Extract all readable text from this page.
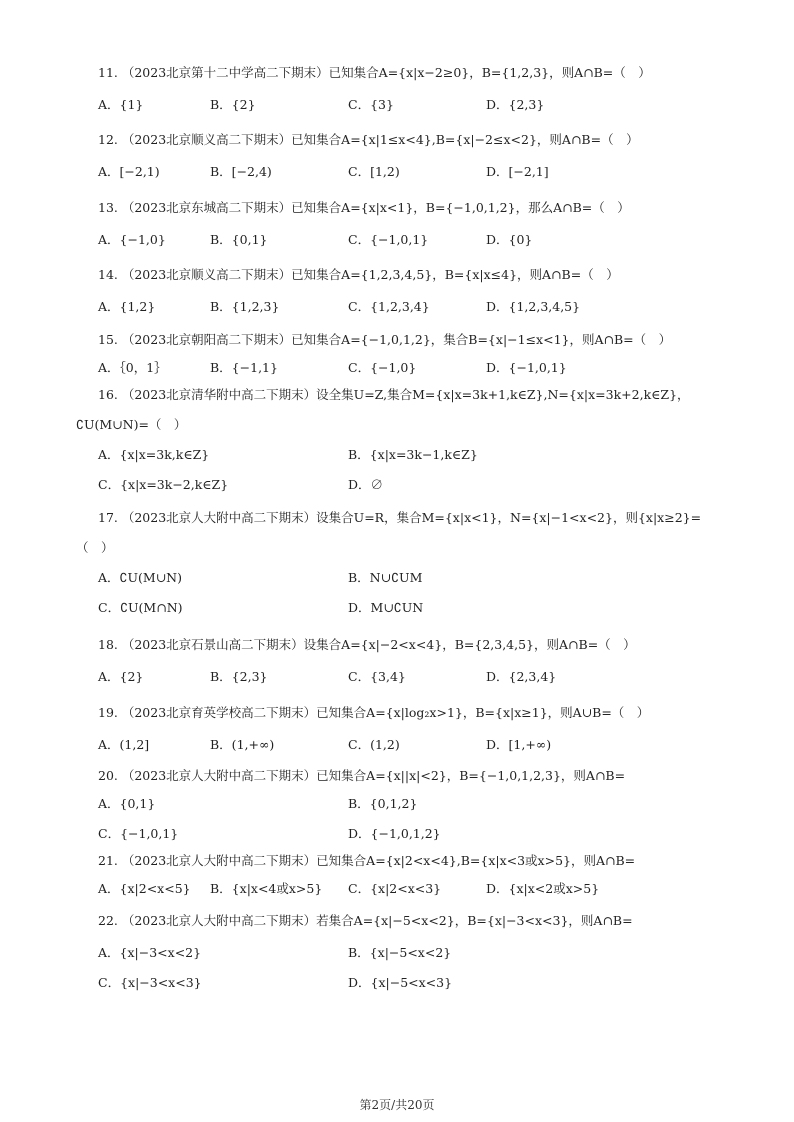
11. （2023北京第十二中学高二下期末）已知集合A={x|x−2≥0}，B={1,2,3}，则A∩B=（　）
A．{1}	B．{2}	C．{3}	D．{2,3}
12. （2023北京顺义高二下期末）已知集合A={x|1≤x<4},B={x|−2≤x<2}，则A∩B=（　）
A．[−2,1)	B．[−2,4)	C．[1,2)	D．[−2,1]
13. （2023北京东城高二下期末）已知集合A={x|x<1}，B={−1,0,1,2}，那么A∩B=（　）
A．{−1,0}	B．{0,1}	C．{−1,0,1}	D．{0}
14. （2023北京顺义高二下期末）已知集合A={1,2,3,4,5}，B={x|x≤4}，则A∩B=（　）
A．{1,2}	B．{1,2,3}	C．{1,2,3,4}	D．{1,2,3,4,5}
15. （2023北京朝阳高二下期末）已知集合A={−1,0,1,2}，集合B={x|−1≤x<1}，则A∩B=（　）
A．｛0，1｝	B．{−1,1}	C．{−1,0}	D．{−1,0,1}
16. （2023北京清华附中高二下期末）设全集U=Z,集合M={x|x=3k+1,k∈Z},N={x|x=3k+2,k∈Z}，
∁U(M∪N)=（　）
A．{x|x=3k,k∈Z}	B．{x|x=3k−1,k∈Z}
C．{x|x=3k−2,k∈Z}	D．∅
17. （2023北京人大附中高二下期末）设集合U=R，集合M={x|x<1}，N={x|−1<x<2}，则{x|x≥2}=
（　）
A．∁U(M∪N)	B．N∪∁UM
C．∁U(M∩N)	D．M∪∁UN
18. （2023北京石景山高二下期末）设集合A={x|−2<x<4}，B={2,3,4,5}，则A∩B=（　）
A．{2}	B．{2,3}	C．{3,4}	D．{2,3,4}
19. （2023北京育英学校高二下期末）已知集合A={x|log₂x>1}，B={x|x≥1}，则A∪B=（　）
A．(1,2]	B．(1,+∞)	C．(1,2)	D．[1,+∞)
20. （2023北京人大附中高二下期末）已知集合A={x||x|<2}，B={−1,0,1,2,3}，则A∩B=
A．{0,1}	B．{0,1,2}
C．{−1,0,1}	D．{−1,0,1,2}
21. （2023北京人大附中高二下期末）已知集合A={x|2<x<4},B={x|x<3或x>5}，则A∩B=
A．{x|2<x<5} B．{x|x<4或x>5} C．{x|2<x<3}	D．{x|x<2或x>5}
22. （2023北京人大附中高二下期末）若集合A={x|−5<x<2}，B={x|−3<x<3}，则A∩B=
A．{x|−3<x<2}	B．{x|−5<x<2}
C．{x|−3<x<3}	D．{x|−5<x<3}
第2页/共20页
